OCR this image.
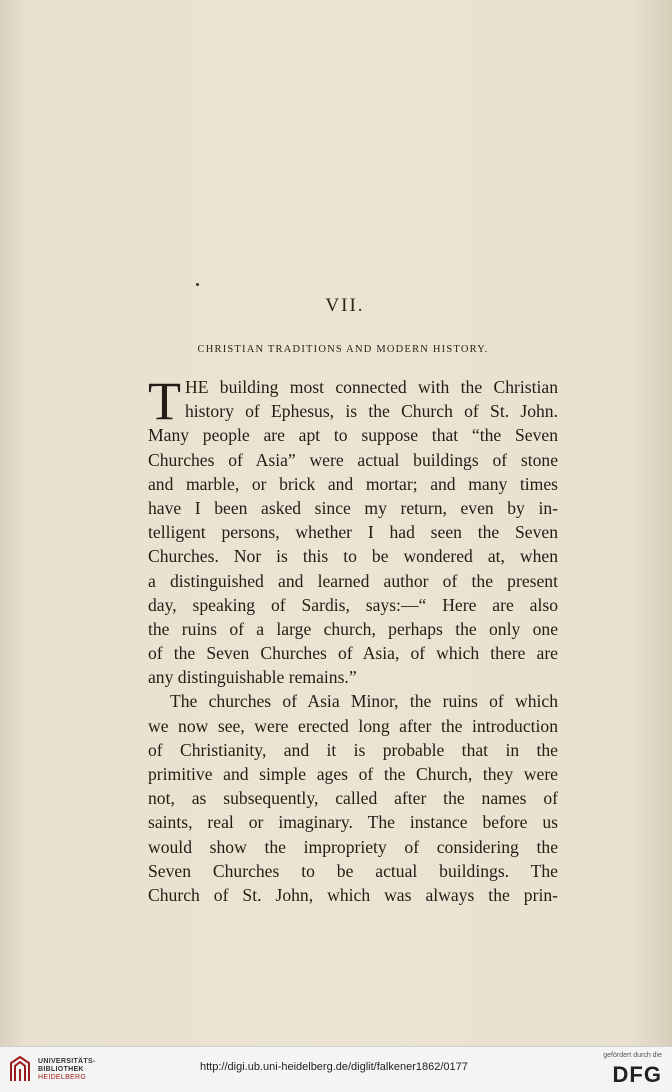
VII.
CHRISTIAN TRADITIONS AND MODERN HISTORY.
T HE building most connected with the Christian
history of Ephesus, is the Church of St. John.
Many people are apt to suppose that “the Seven
Churches of Asia” were actual buildings of stone
and marble, or brick and mortar; and many times
have I been asked since my return, even by in-
telligent persons, whether I had seen the Seven
Churches. Nor is this to be wondered at, when
a distinguished and learned author of the present
day, speaking of Sardis, says:—“ Here are also
the ruins of a large church, perhaps the only one
of the Seven Churches of Asia, of which there are
any distinguishable remains.”
The churches of Asia Minor, the ruins of which
we now see, were erected long after the introduction
of Christianity, and it is probable that in the
primitive and simple ages of the Church, they were
not, as subsequently, called after the names of
saints, real or imaginary. The instance before us
would show the impropriety of considering the
Seven Churches to be actual buildings. The
Church of St. John, which was always the prin-
UNIVERSITÄTS-
BIBLIOTHEK
HEIDELBERG
http://digi.ub.uni-heidelberg.de/diglit/falkener1862/0177
gefördert durch die
DFG
